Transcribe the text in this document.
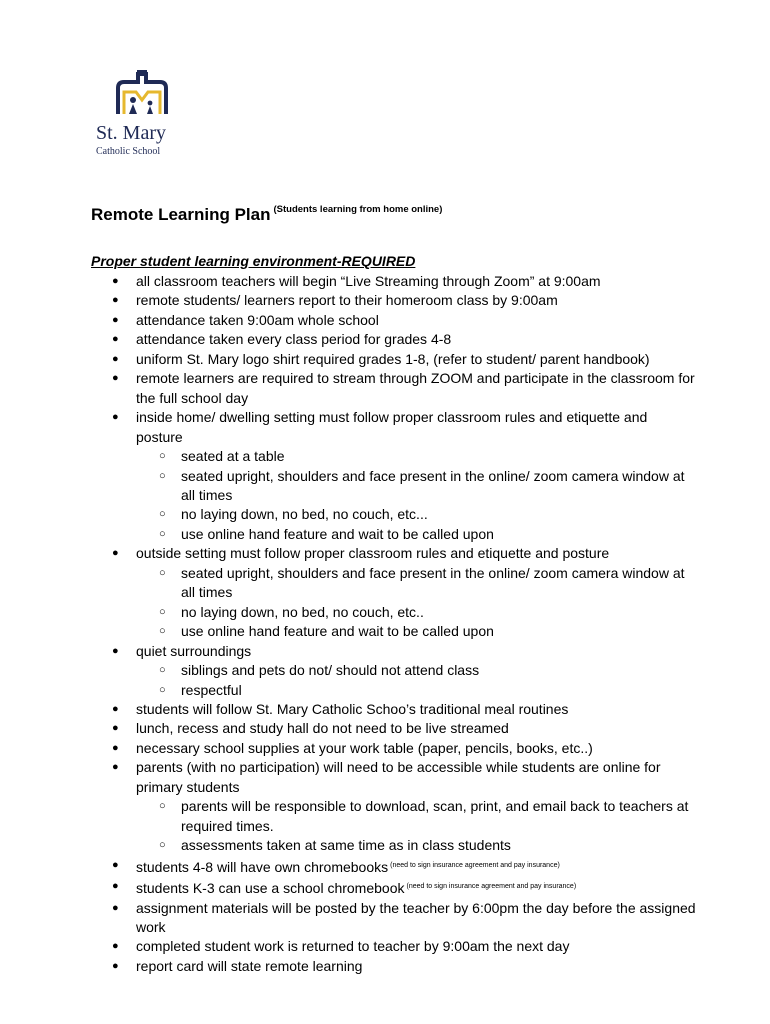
St. Mary
Catholic School
Remote Learning Plan $^{(Students learning from home online)}$
Proper student learning environment-REQUIRED
● all classroom teachers will begin “Live Streaming through Zoom” at 9:00am
● remote students/ learners report to their homeroom class by 9:00am
● attendance taken 9:00am whole school
● attendance taken every class period for grades 4-8
● uniform St. Mary logo shirt required grades 1-8, (refer to student/ parent handbook)
● remote learners are required to stream through ZOOM and participate in the classroom for the full school day
● inside home/ dwelling setting must follow proper classroom rules and etiquette and posture
○ seated at a table
○ seated upright, shoulders and face present in the online/ zoom camera window at all times
○ no laying down, no bed, no couch, etc...
○ use online hand feature and wait to be called upon
● outside setting must follow proper classroom rules and etiquette and posture
○ seated upright, shoulders and face present in the online/ zoom camera window at all times
○ no laying down, no bed, no couch, etc..
○ use online hand feature and wait to be called upon
● quiet surroundings
○ siblings and pets do not/ should not attend class
○ respectful
● students will follow St. Mary Catholic Schoo’s traditional meal routines
● lunch, recess and study hall do not need to be live streamed
● necessary school supplies at your work table (paper, pencils, books, etc..)
● parents (with no participation) will need to be accessible while students are online for primary students
○ parents will be responsible to download, scan, print, and email back to teachers at required times.
○ assessments taken at same time as in class students
● students 4-8 will have own chromebooks $^{(need to sign insurance agreement and pay insurance)}$
● students K-3 can use a school chromebook $^{(need to sign insurance agreement and pay insurance)}$
● assignment materials will be posted by the teacher by 6:00pm the day before the assigned work
● completed student work is returned to teacher by 9:00am the next day
● report card will state remote learning
